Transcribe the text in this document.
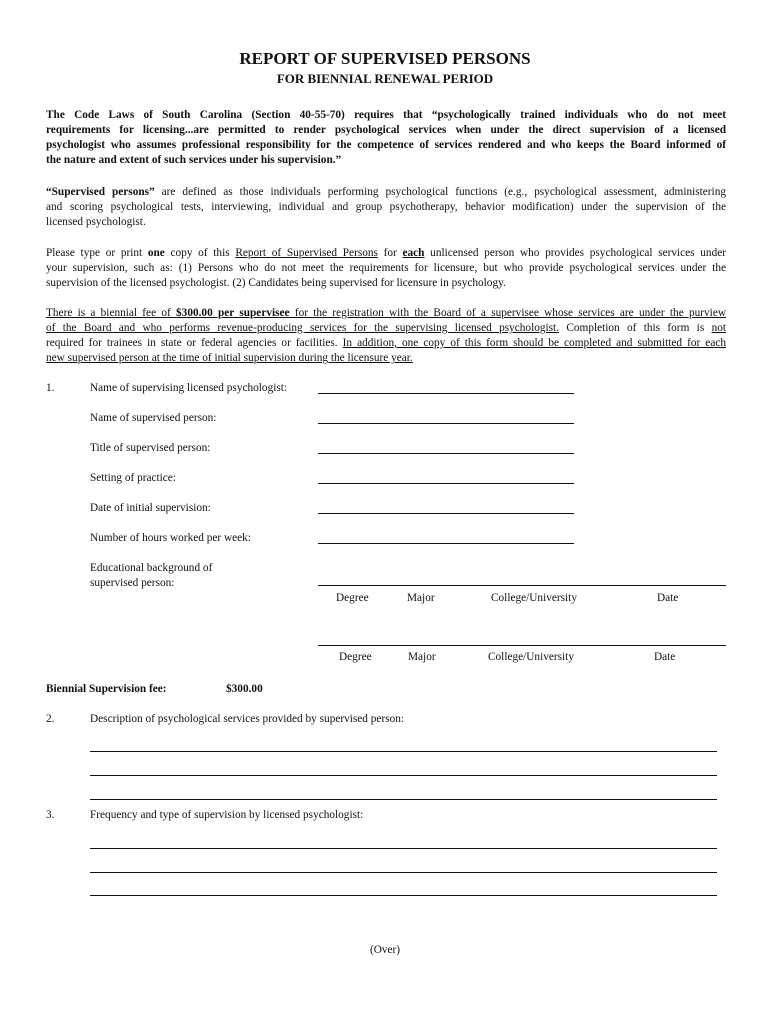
REPORT OF SUPERVISED PERSONS
FOR BIENNIAL RENEWAL PERIOD
The Code Laws of South Carolina (Section 40-55-70) requires that “psychologically trained individuals who do not meet
requirements for licensing...are permitted to render psychological services when under the direct supervision of a licensed
psychologist who assumes professional responsibility for the competence of services rendered and who keeps the Board informed of
the nature and extent of such services under his supervision.”
“Supervised persons” are defined as those individuals performing psychological functions (e.g., psychological assessment, administering
and scoring psychological tests, interviewing, individual and group psychotherapy, behavior modification) under the supervision of the
licensed psychologist.
Please type or print one copy of this Report of Supervised Persons for each unlicensed person who provides psychological services under
your supervision, such as: (1) Persons who do not meet the requirements for licensure, but who provide psychological services under the
supervision of the licensed psychologist. (2) Candidates being supervised for licensure in psychology.
There is a biennial fee of $300.00 per supervisee for the registration with the Board of a supervisee whose services are under the purview
of the Board and who performs revenue-producing services for the supervising licensed psychologist. Completion of this form is not
required for trainees in state or federal agencies or facilities. In addition, one copy of this form should be completed and submitted for each
new supervised person at the time of initial supervision during the licensure year.
1.	Name of supervising licensed psychologist:
Name of supervised person:
Title of supervised person:
Setting of practice:
Date of initial supervision:
Number of hours worked per week:
Educational background of
supervised person:
Degree	Major	College/University	Date
Degree	Major	College/University	Date
Biennial Supervision fee:	$300.00
2.	Description of psychological services provided by supervised person:
3.	Frequency and type of supervision by licensed psychologist:
(Over)
